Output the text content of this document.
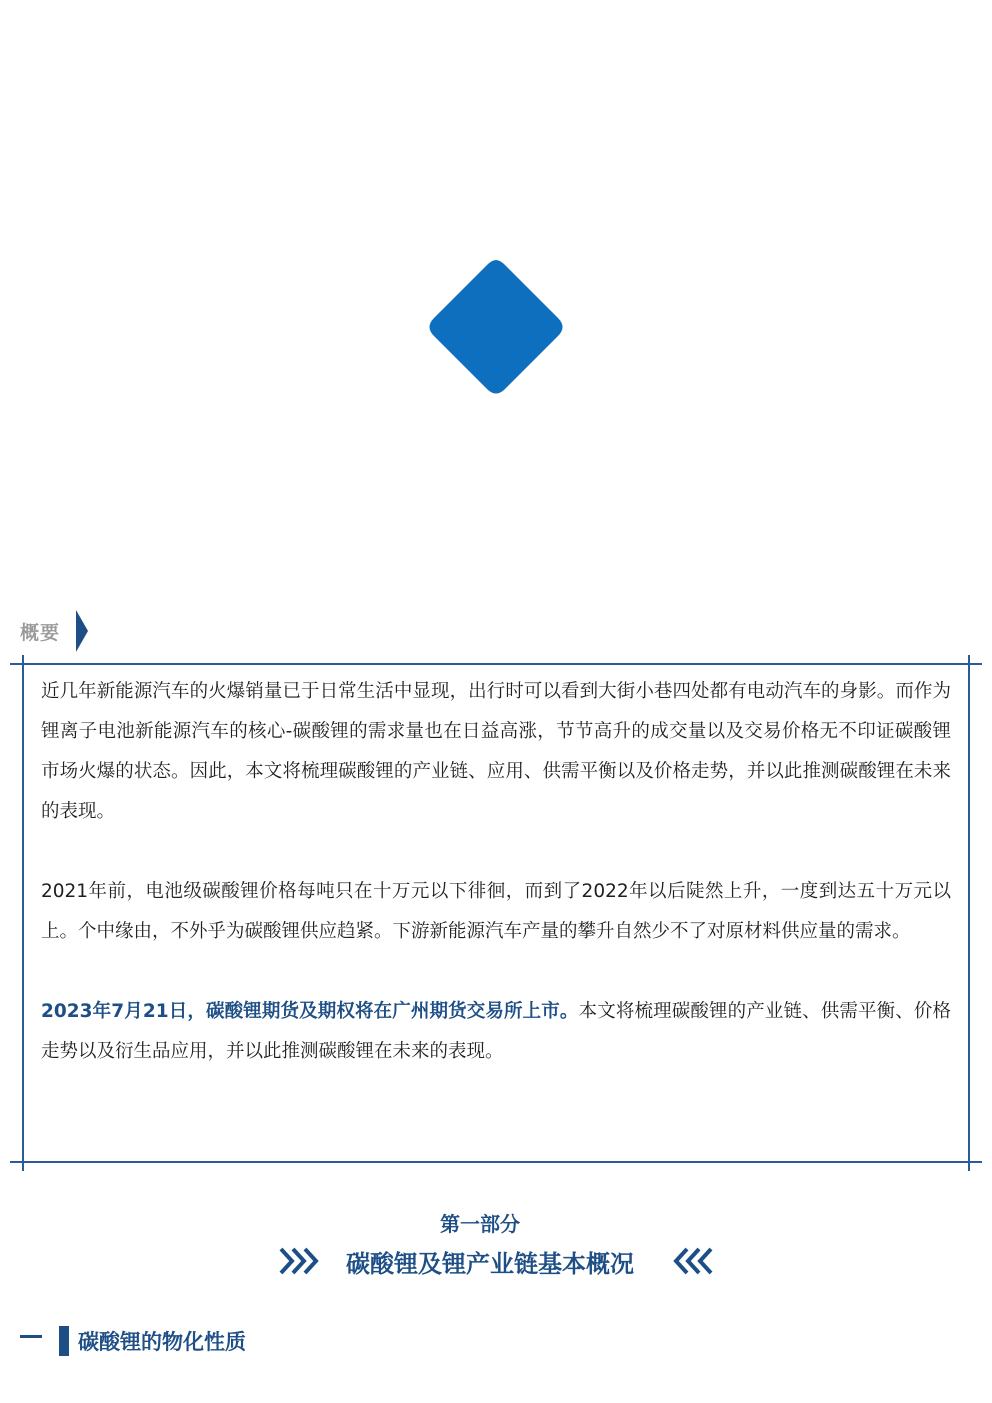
概要

近几年新能源汽车的火爆销量已于日常生活中显现，出行时可以看到大街小巷四处都有电动汽车的身影。而作为锂离子电池新能源汽车的核心-碳酸锂的需求量也在日益高涨，节节高升的成交量以及交易价格无不印证碳酸锂市场火爆的状态。因此，本文将梳理碳酸锂的产业链、应用、供需平衡以及价格走势，并以此推测碳酸锂在未来的表现。

2021年前，电池级碳酸锂价格每吨只在十万元以下徘徊，而到了2022年以后陡然上升，一度到达五十万元以上。个中缘由，不外乎为碳酸锂供应趋紧。下游新能源汽车产量的攀升自然少不了对原材料供应量的需求。

2023年7月21日，碳酸锂期货及期权将在广州期货交易所上市。本文将梳理碳酸锂的产业链、供需平衡、价格走势以及衍生品应用，并以此推测碳酸锂在未来的表现。

第一部分
碳酸锂及锂产业链基本概况
碳酸锂的物化性质
